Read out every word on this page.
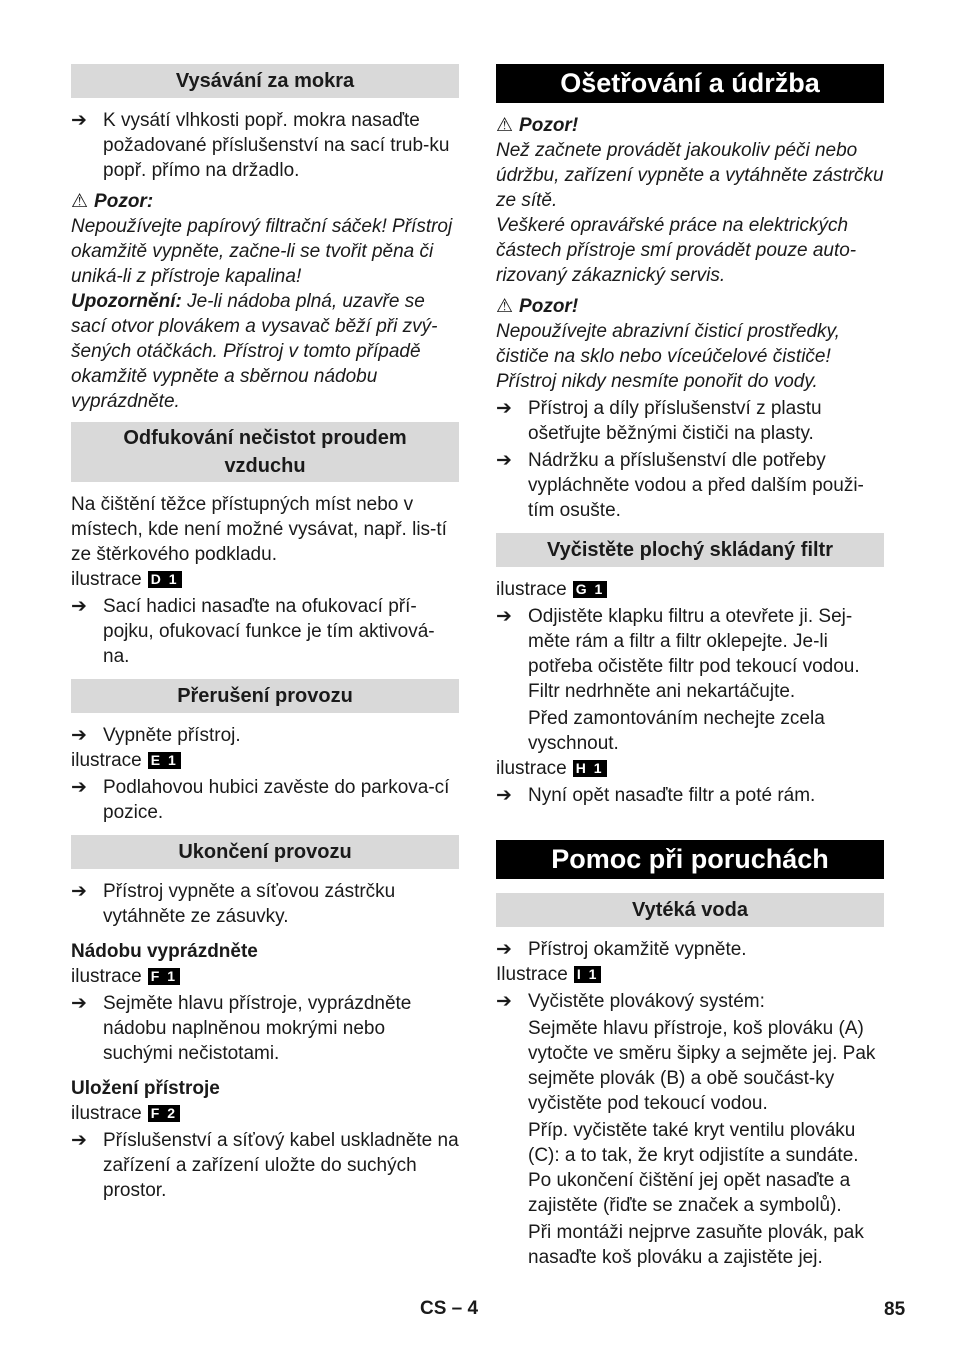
Vysávání za mokra
➔ K vysátí vlhkosti popř. mokra nasaďte požadované příslušenství na sací trub-ku popř. přímo na držadlo.
⚠ Pozor:
Nepoužívejte papírový filtrační sáček! Přístroj okamžitě vypněte, začne-li se tvořit pěna či uniká-li z přístroje kapalina!
Upozornění: Je-li nádoba plná, uzavře se sací otvor plovákem a vysavač běží při zvý-šených otáčkách. Přístroj v tomto případě okamžitě vypněte a sběrnou nádobu vyprázdněte.
Odfukování nečistot proudem vzduchu
Na čištění těžce přístupných míst nebo v místech, kde není možné vysávat, např. lis-tí ze štěrkového podkladu.
ilustrace D 1
➔ Sací hadici nasaďte na ofukovací pří-pojku, ofukovací funkce je tím aktivová-na.
Přerušení provozu
➔ Vypněte přístroj.
ilustrace E 1
➔ Podlahovou hubici zavěste do parkova-cí pozice.
Ukončení provozu
➔ Přístroj vypněte a síťovou zástrčku vytáhněte ze zásuvky.
Nádobu vyprázdněte
ilustrace F 1
➔ Sejměte hlavu přístroje, vyprázdněte nádobu naplněnou mokrými nebo suchými nečistotami.
Uložení přístroje
ilustrace F 2
➔ Příslušenství a síťový kabel uskladněte na zařízení a zařízení uložte do suchých prostor.
Ošetřování a údržba
⚠ Pozor!
Než začnete provádět jakoukoliv péči nebo údržbu, zařízení vypněte a vytáhněte zástrčku ze sítě.
Veškeré opravářské práce na elektrických částech přístroje smí provádět pouze auto-rizovaný zákaznický servis.
⚠ Pozor!
Nepoužívejte abrazivní čisticí prostředky, čističe na sklo nebo víceúčelové čističe! Přístroj nikdy nesmíte ponořit do vody.
➔ Přístroj a díly příslušenství z plastu ošetřujte běžnými čističi na plasty.
➔ Nádržku a příslušenství dle potřeby vypláchněte vodou a před dalším použi-tím osušte.
Vyčistěte plochý skládaný filtr
ilustrace G 1
➔ Odjistěte klapku filtru a otevřete ji. Sej-měte rám a filtr a filtr oklepejte. Je-li potřeba očistěte filtr pod tekoucí vodou. Filtr nedrhněte ani nekartáčujte.
Před zamontováním nechejte zcela vyschnout.
ilustrace H 1
➔ Nyní opět nasaďte filtr a poté rám.
Pomoc při poruchách
Vytéká voda
➔ Přístroj okamžitě vypněte.
Ilustrace I 1
➔ Vyčistěte plovákový systém:
Sejměte hlavu přístroje, koš plováku (A) vytočte ve směru šipky a sejměte jej. Pak sejměte plovák (B) a obě součást-ky vyčistěte pod tekoucí vodou.
Příp. vyčistěte také kryt ventilu plováku (C): a to tak, že kryt odjistíte a sundáte. Po ukončení čištění jej opět nasaďte a zajistěte (řiďte se značek a symbolů).
Při montáži nejprve zasuňte plovák, pak nasaďte koš plováku a zajistěte jej.
CS – 4	85
